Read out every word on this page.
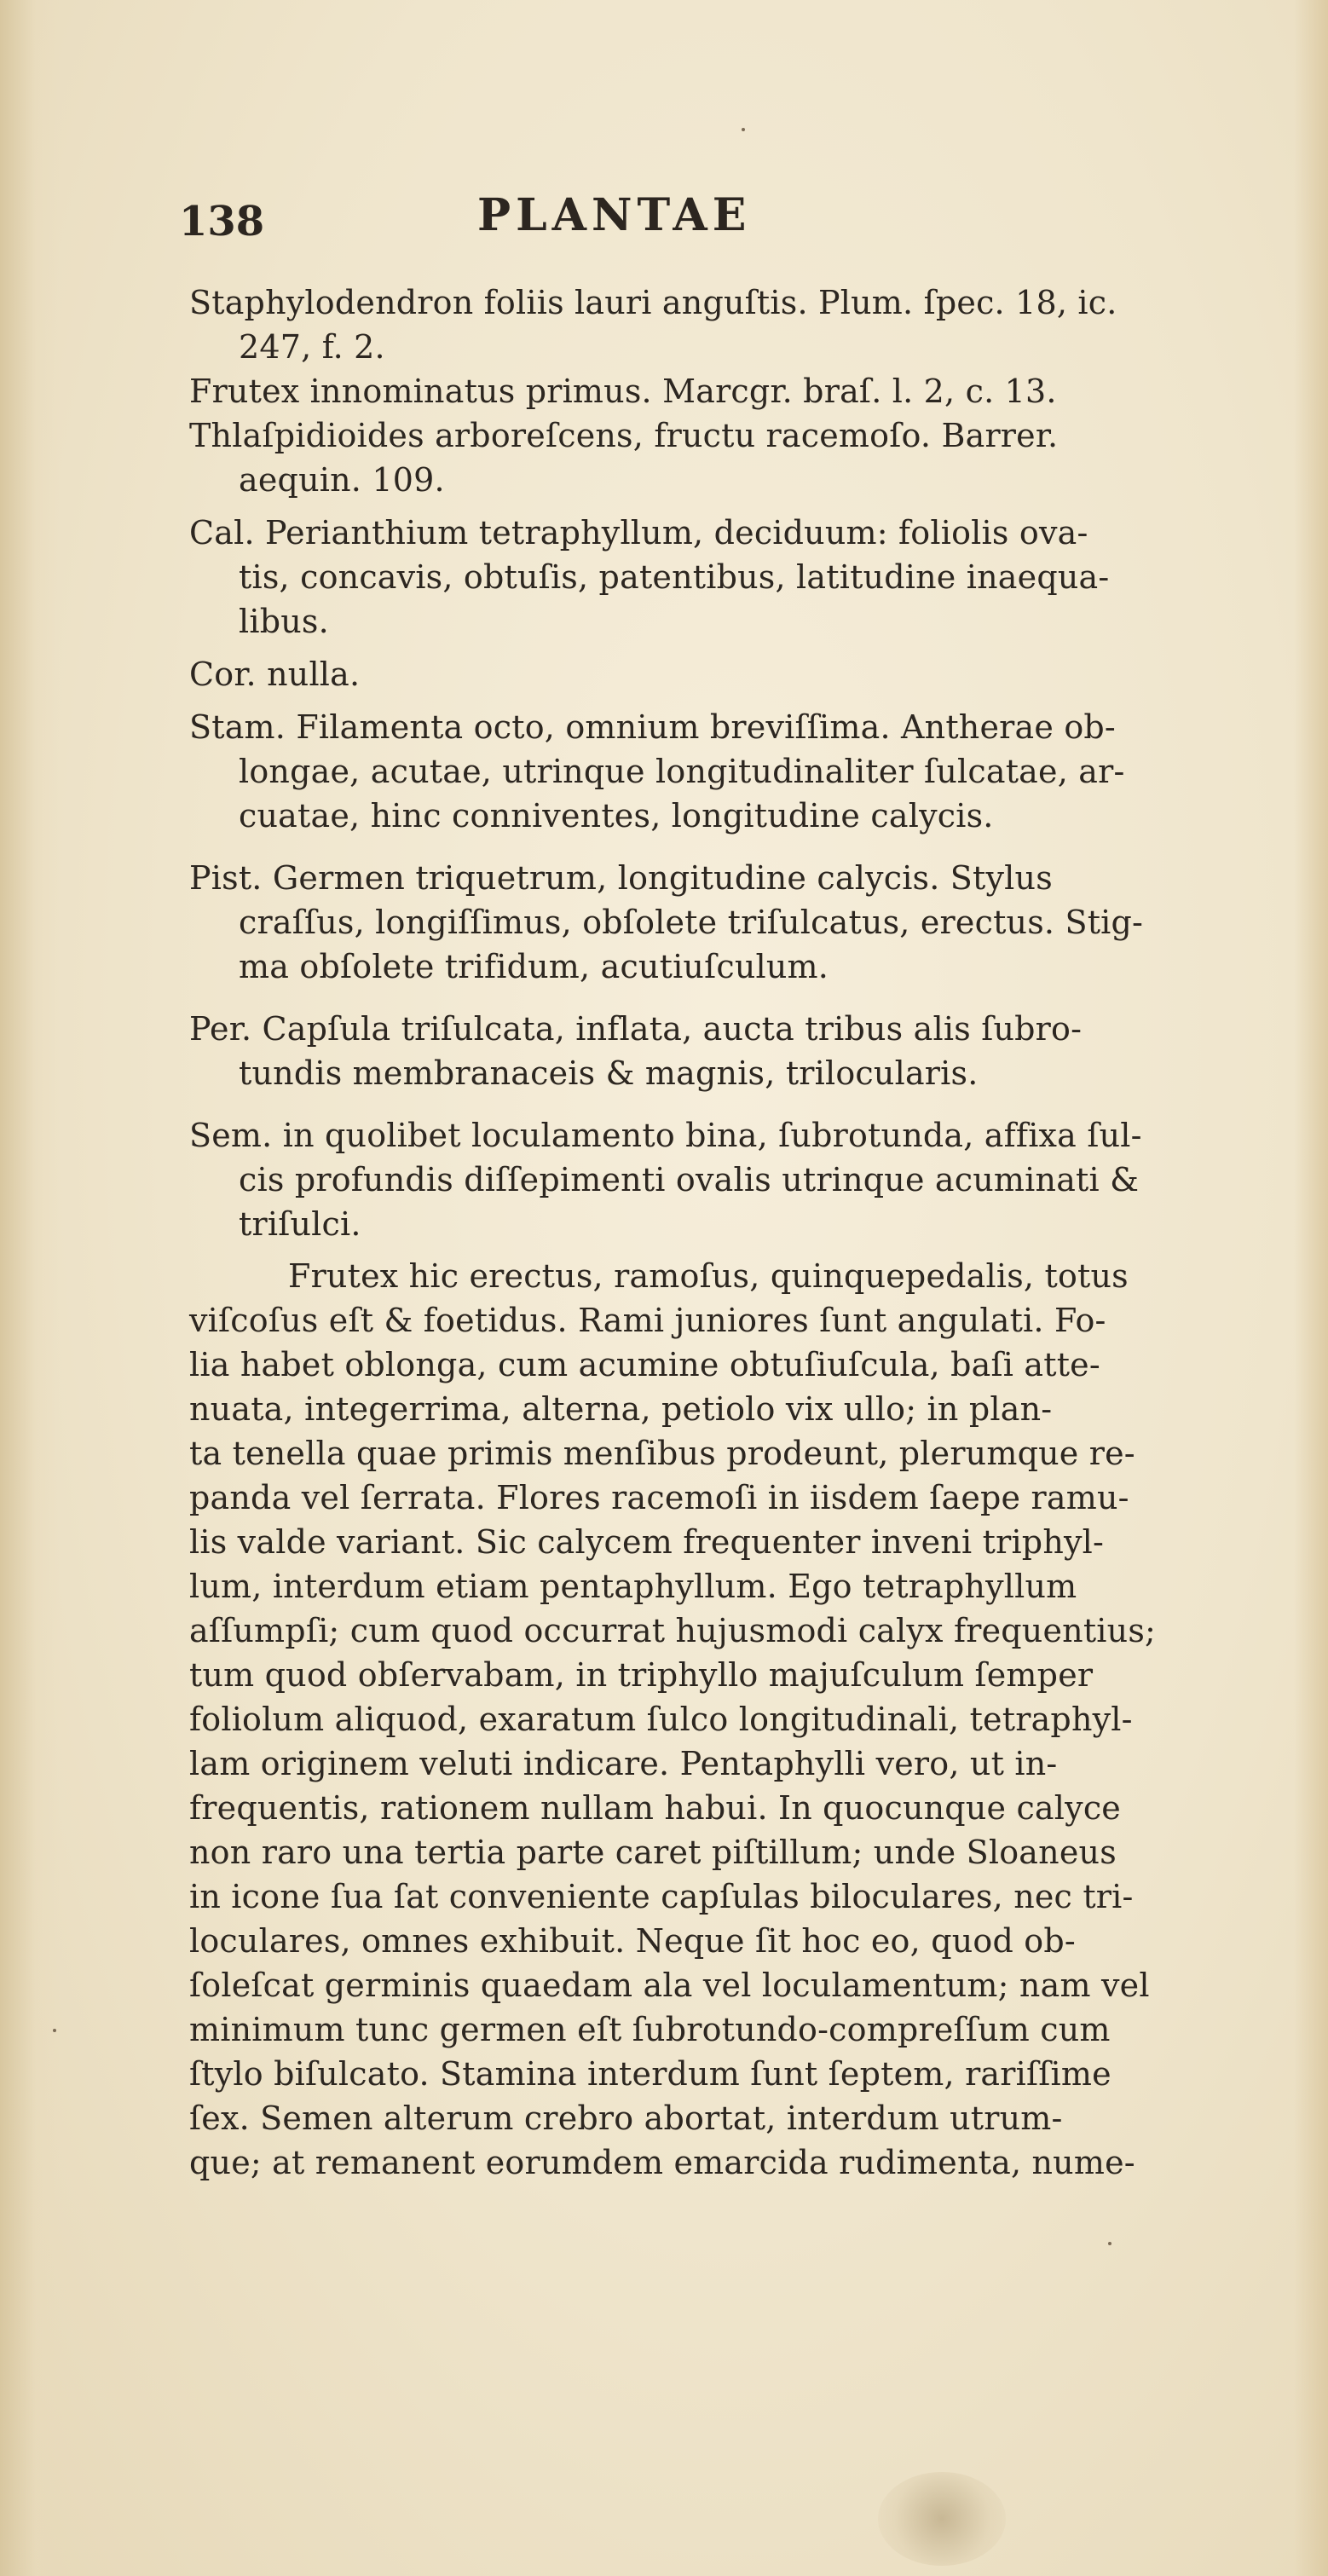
138	PLANTAE
Staphylodendron foliis lauri anguſtis. Plum. ſpec. 18, ic.
247, f. 2.
Frutex innominatus primus. Marcgr. braſ. l. 2, c. 13.
Thlaſpidioides arboreſcens, fructu racemoſo. Barrer.
aequin. 109.
Cal. Perianthium tetraphyllum, deciduum: foliolis ova-
tis, concavis, obtuſis, patentibus, latitudine inaequa-
libus.
Cor. nulla.
Stam. Filamenta octo, omnium breviſſima. Antherae ob-
longae, acutae, utrinque longitudinaliter ſulcatae, ar-
cuatae, hinc conniventes, longitudine calycis.
Pist. Germen triquetrum, longitudine calycis. Stylus
craſſus, longiſſimus, obſolete triſulcatus, erectus. Stig-
ma obſolete trifidum, acutiuſculum.
Per. Capſula triſulcata, inflata, aucta tribus alis ſubro-
tundis membranaceis & magnis, trilocularis.
Sem. in quolibet loculamento bina, ſubrotunda, affixa ſul-
cis profundis diſſepimenti ovalis utrinque acuminati &
triſulci.
Frutex hic erectus, ramoſus, quinquepedalis, totus
viſcoſus eſt & foetidus. Rami juniores ſunt angulati. Fo-
lia habet oblonga, cum acumine obtuſiuſcula, baſi atte-
nuata, integerrima, alterna, petiolo vix ullo; in plan-
ta tenella quae primis menſibus prodeunt, plerumque re-
panda vel ſerrata. Flores racemoſi in iisdem ſaepe ramu-
lis valde variant. Sic calycem frequenter inveni triphyl-
lum, interdum etiam pentaphyllum. Ego tetraphyllum
aſſumpſi; cum quod occurrat hujusmodi calyx frequentius;
tum quod obſervabam, in triphyllo majuſculum ſemper
foliolum aliquod, exaratum ſulco longitudinali, tetraphyl-
lam originem veluti indicare. Pentaphylli vero, ut in-
frequentis, rationem nullam habui. In quocunque calyce
non raro una tertia parte caret piſtillum; unde Sloaneus
in icone ſua ſat conveniente capſulas biloculares, nec tri-
loculares, omnes exhibuit. Neque ſit hoc eo, quod ob-
ſoleſcat germinis quaedam ala vel loculamentum; nam vel
minimum tunc germen eſt ſubrotundo-compreſſum cum
ſtylo biſulcato. Stamina interdum ſunt ſeptem, rariſſime
ſex. Semen alterum crebro abortat, interdum utrum-
que; at remanent eorumdem emarcida rudimenta, nume-
